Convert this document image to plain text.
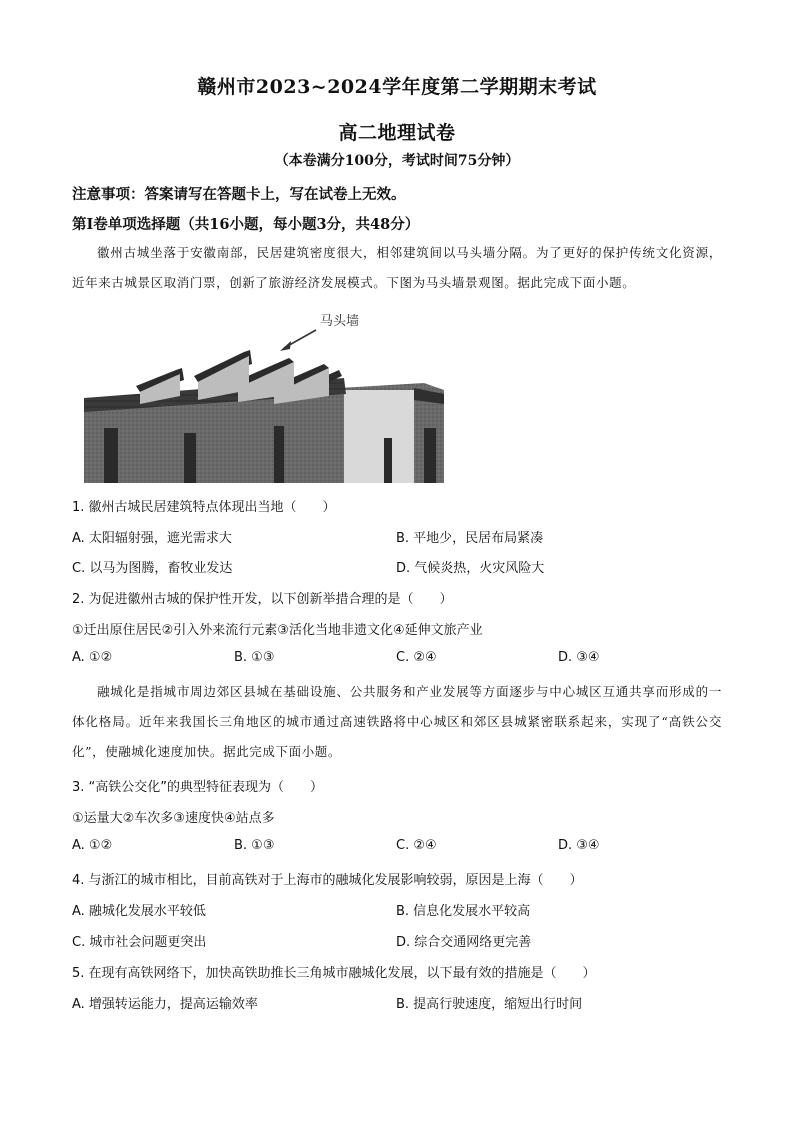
赣州市2023~2024学年度第二学期期末考试
高二地理试卷
（本卷满分100分，考试时间75分钟）
注意事项：答案请写在答题卡上，写在试卷上无效。
第Ⅰ卷单项选择题（共16小题，每小题3分，共48分）
徽州古城坐落于安徽南部，民居建筑密度很大，相邻建筑间以马头墙分隔。为了更好的保护传统文化资源，近年来古城景区取消门票，创新了旅游经济发展模式。下图为马头墙景观图。据此完成下面小题。
马头墙
1. 徽州古城民居建筑特点体现出当地（　　）
A. 太阳辐射强，遮光需求大	B. 平地少，民居布局紧凑
C. 以马为图腾，畜牧业发达	D. 气候炎热，火灾风险大
2. 为促进徽州古城的保护性开发，以下创新举措合理的是（　　）
①迁出原住居民②引入外来流行元素③活化当地非遗文化④延伸文旅产业
A. ①②	B. ①③	C. ②④	D. ③④
融城化是指城市周边郊区县城在基础设施、公共服务和产业发展等方面逐步与中心城区互通共享而形成的一体化格局。近年来我国长三角地区的城市通过高速铁路将中心城区和郊区县城紧密联系起来，实现了“高铁公交化”，使融城化速度加快。据此完成下面小题。
3. “高铁公交化”的典型特征表现为（　　）
①运量大②车次多③速度快④站点多
A. ①②	B. ①③	C. ②④	D. ③④
4. 与浙江的城市相比，目前高铁对于上海市的融城化发展影响较弱，原因是上海（　　）
A. 融城化发展水平较低	B. 信息化发展水平较高
C. 城市社会问题更突出	D. 综合交通网络更完善
5. 在现有高铁网络下，加快高铁助推长三角城市融城化发展，以下最有效的措施是（　　）
A. 增强转运能力，提高运输效率	B. 提高行驶速度，缩短出行时间
